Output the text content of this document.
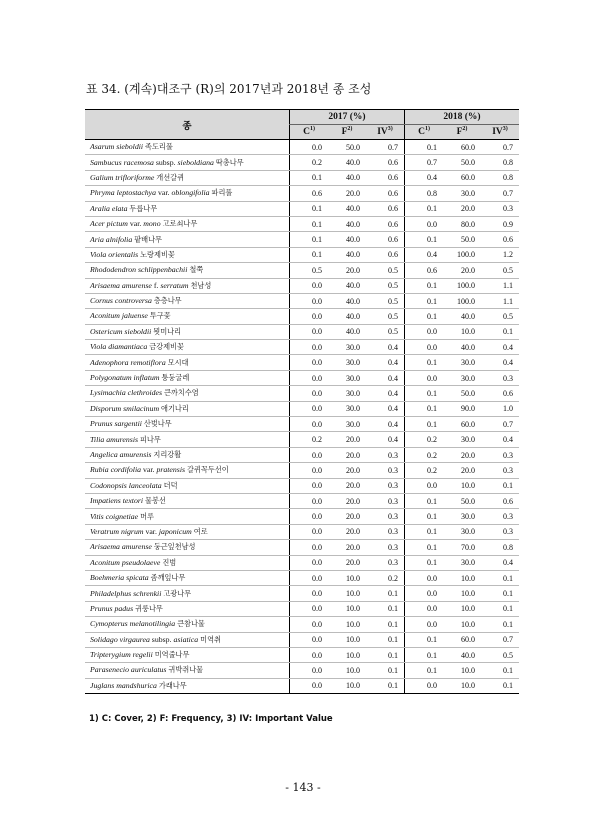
표 34. (계속)대조구 (R)의 2017년과 2018년 종 조성
종	2017 (%)			2018 (%)		
	$C^{1)}$	$F^{2)}$	IV$^{3)}$	$C^{1)}$	$F^{2)}$	IV$^{3)}$
Asarum sieboldii 족도리풀	0.0	50.0	0.7	0.1	60.0	0.7
Sambucus racemosa subsp. sieboldiana 딱총나무	0.2	40.0	0.6	0.7	50.0	0.8
Galium trifloriforme 개선갈퀴	0.1	40.0	0.6	0.4	60.0	0.8
Phryma leptostachya var. oblongifolia 파리풀	0.6	20.0	0.6	0.8	30.0	0.7
Aralia elata 두릅나무	0.1	40.0	0.6	0.1	20.0	0.3
Acer pictum var. mono 고로쇠나무	0.1	40.0	0.6	0.0	80.0	0.9
Aria alnifolia 팥배나무	0.1	40.0	0.6	0.1	50.0	0.6
Viola orientalis 노랑제비꽃	0.1	40.0	0.6	0.4	100.0	1.2
Rhododendron schlippenbachii 철쭉	0.5	20.0	0.5	0.6	20.0	0.5
Arisaema amurense f. serratum 천남성	0.0	40.0	0.5	0.1	100.0	1.1
Cornus controversa 층층나무	0.0	40.0	0.5	0.1	100.0	1.1
Aconitum jaluense 투구꽃	0.0	40.0	0.5	0.1	40.0	0.5
Ostericum sieboldii 묏미나리	0.0	40.0	0.5	0.0	10.0	0.1
Viola diamantiaca 금강제비꽃	0.0	30.0	0.4	0.0	40.0	0.4
Adenophora remotiflora 모시대	0.0	30.0	0.4	0.1	30.0	0.4
Polygonatum inflatum 퉁둥굴레	0.0	30.0	0.4	0.0	30.0	0.3
Lysimachia clethroides 큰까치수염	0.0	30.0	0.4	0.1	50.0	0.6
Disporum smilacinum 애기나리	0.0	30.0	0.4	0.1	90.0	1.0
Prunus sargentii 산벚나무	0.0	30.0	0.4	0.1	60.0	0.7
Tilia amurensis 피나무	0.2	20.0	0.4	0.2	30.0	0.4
Angelica amurensis 지리강활	0.0	20.0	0.3	0.2	20.0	0.3
Rubia cordifolia var. pratensis 갈퀴꼭두선이	0.0	20.0	0.3	0.2	20.0	0.3
Codonopsis lanceolata 더덕	0.0	20.0	0.3	0.0	10.0	0.1
Impatiens textori 물봉선	0.0	20.0	0.3	0.1	50.0	0.6
Vitis coignetiae 머루	0.0	20.0	0.3	0.1	30.0	0.3
Veratrum nigrum var. japonicum 여로	0.0	20.0	0.3	0.1	30.0	0.3
Arisaema amurense 둥근잎천남성	0.0	20.0	0.3	0.1	70.0	0.8
Aconitum pseudolaeve 진범	0.0	20.0	0.3	0.1	30.0	0.4
Boehmeria spicata 좀깨잎나무	0.0	10.0	0.2	0.0	10.0	0.1
Philadelphus schrenkii 고광나무	0.0	10.0	0.1	0.0	10.0	0.1
Prunus padus 귀룽나무	0.0	10.0	0.1	0.0	10.0	0.1
Cymopterus melanotilingia 큰참나물	0.0	10.0	0.1	0.0	10.0	0.1
Solidago virgaurea subsp. asiatica 미역취	0.0	10.0	0.1	0.1	60.0	0.7
Tripterygium regelii 미역줄나무	0.0	10.0	0.1	0.1	40.0	0.5
Parasenecio auriculatus 귀박쥐나물	0.0	10.0	0.1	0.1	10.0	0.1
Juglans mandshurica 가래나무	0.0	10.0	0.1	0.0	10.0	0.1
1) C: Cover, 2) F: Frequency, 3) IV: Important Value
- 143 -
